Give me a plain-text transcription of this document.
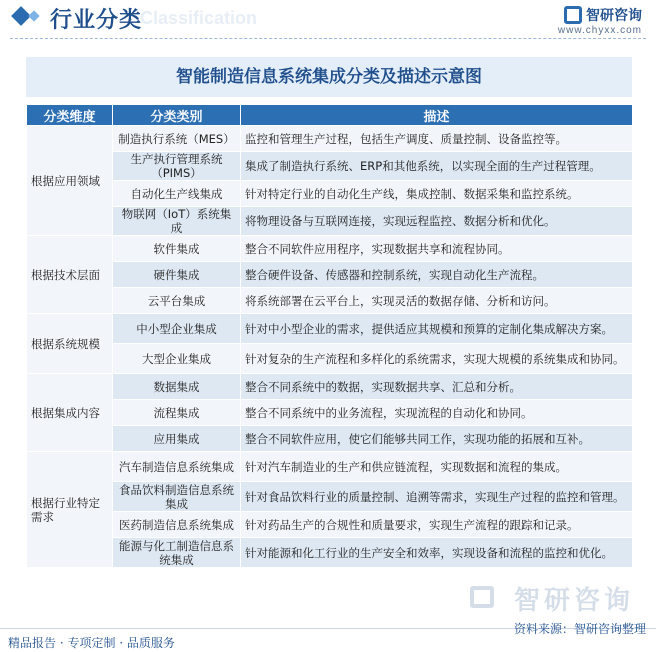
Classification
行业分类	智研咨询
www.chyxx.com
智能制造信息系统集成分类及描述示意图
分类维度	分类类别	描述
根据应用领域	制造执行系统（MES）	监控和管理生产过程，包括生产调度、质量控制、设备监控等。
	生产执行管理系统（PIMS）	集成了制造执行系统、ERP和其他系统，以实现全面的生产过程管理。
	自动化生产线集成	针对特定行业的自动化生产线，集成控制、数据采集和监控系统。
	物联网（IoT）系统集成	将物理设备与互联网连接，实现远程监控、数据分析和优化。
根据技术层面	软件集成	整合不同软件应用程序，实现数据共享和流程协同。
	硬件集成	整合硬件设备、传感器和控制系统，实现自动化生产流程。
	云平台集成	将系统部署在云平台上，实现灵活的数据存储、分析和访问。
根据系统规模	中小型企业集成	针对中小型企业的需求，提供适应其规模和预算的定制化集成解决方案。
	大型企业集成	针对复杂的生产流程和多样化的系统需求，实现大规模的系统集成和协同。
根据集成内容	数据集成	整合不同系统中的数据，实现数据共享、汇总和分析。
	流程集成	整合不同系统中的业务流程，实现流程的自动化和协同。
	应用集成	整合不同软件应用，使它们能够共同工作，实现功能的拓展和互补。
根据行业特定需求	汽车制造信息系统集成	针对汽车制造业的生产和供应链流程，实现数据和流程的集成。
	食品饮料制造信息系统集成	针对食品饮料行业的质量控制、追溯等需求，实现生产过程的监控和管理。
	医药制造信息系统集成	针对药品生产的合规性和质量要求，实现生产流程的跟踪和记录。
	能源与化工制造信息系统集成	针对能源和化工行业的生产安全和效率，实现设备和流程的监控和优化。
智研咨询
精品报告 · 专项定制 · 品质服务
资料来源：智研咨询整理
